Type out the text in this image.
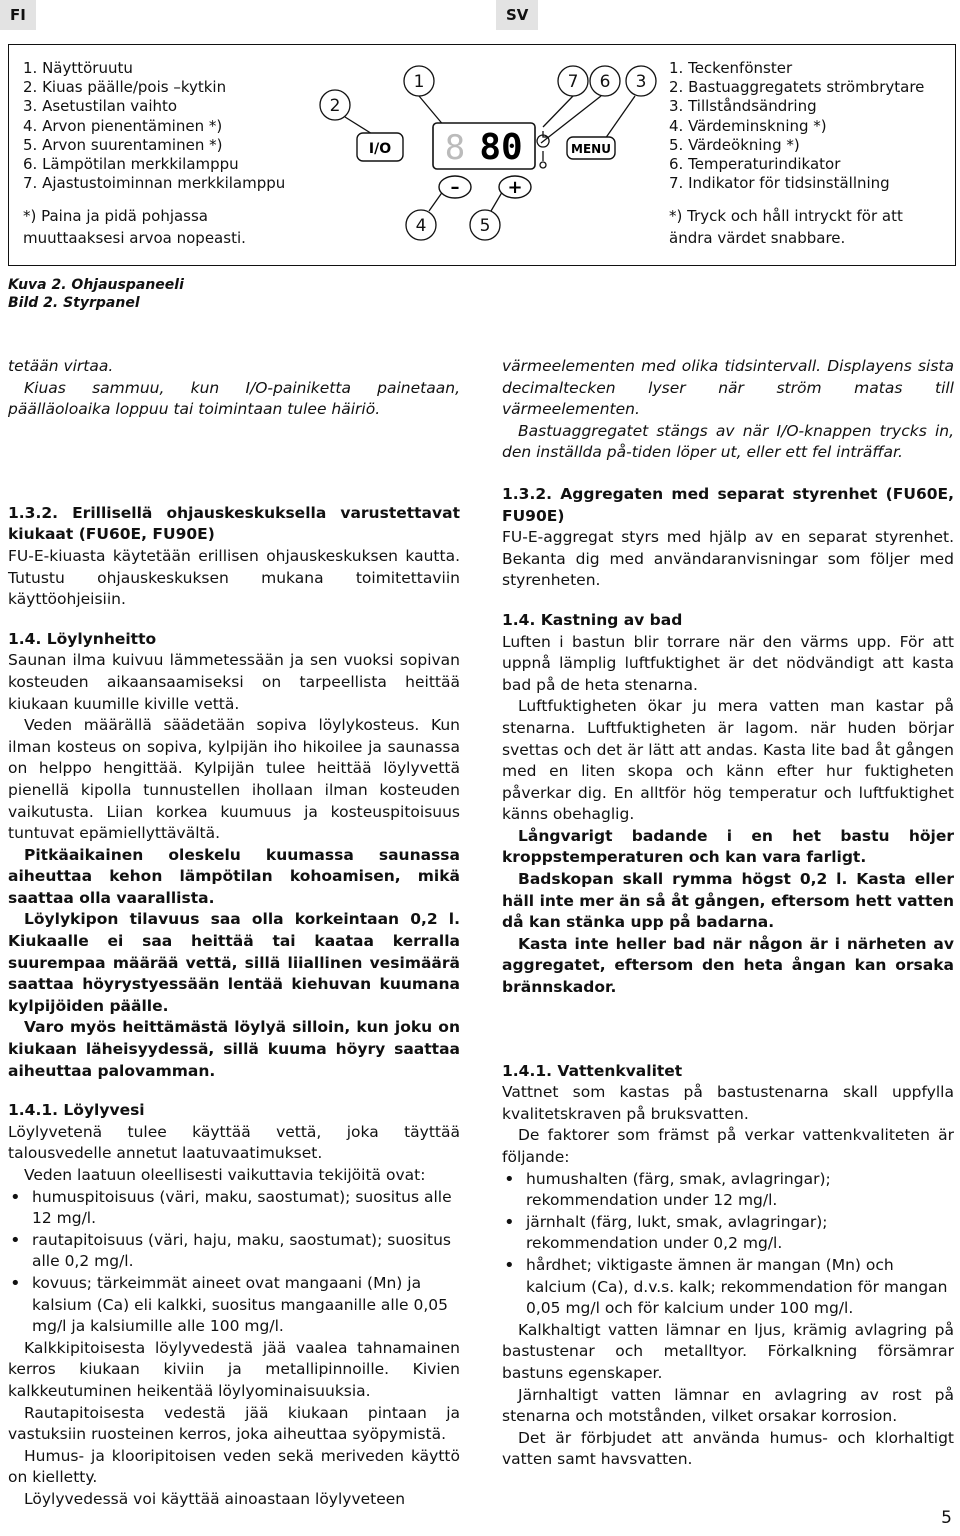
FI	SV
1. Näyttöruutu
2. Kiuas päälle/pois –kytkin
3. Asetustilan vaihto
4. Arvon pienentäminen *)
5. Arvon suurentaminen *)
6. Lämpötilan merkkilamppu
7. Ajastustoiminnan merkkilamppu
*) Paina ja pidä pohjassa muuttaaksesi arvoa nopeasti.
1. Teckenfönster
2. Bastuaggregatets strömbrytare
3. Tillståndsändring
4. Värdeminskning *)
5. Värdeökning *)
6. Temperaturindikator
7. Indikator för tidsinställning
*) Tryck och håll intryckt för att ändra värdet snabbare.
1
2
7 6 3
4	5
I/O 8 80
–	+
MENU
Kuva 2. Ohjauspaneeli
Bild 2. Styrpanel

tetään virtaa.

Kiuas sammuu, kun I/O-painiketta painetaan, päälläoloaika loppuu tai toimintaan tulee häiriö.

1.3.2. Erillisellä ohjauskeskuksella varustettavat kiukaat (FU60E, FU90E)

FU-E-kiuasta käytetään erillisen ohjauskeskuksen kautta. Tutustu ohjauskeskuksen mukana toimitettaviin käyttöohjeisiin.

1.4. Löylynheitto

Saunan ilma kuivuu lämmetessään ja sen vuoksi sopivan kosteuden aikaansaamiseksi on tarpeellista heittää kiukaan kuumille kiville vettä.

Veden määrällä säädetään sopiva löylykosteus. Kun ilman kosteus on sopiva, kylpijän iho hikoilee ja saunassa on helppo hengittää. Kylpijän tulee heittää löylyvettä pienellä kipolla tunnustellen ihollaan ilman kosteuden vaikutusta. Liian korkea kuumuus ja kosteuspitoisuus tuntuvat epämiellyttävältä.

Pitkäaikainen oleskelu kuumassa saunassa aiheuttaa kehon lämpötilan kohoamisen, mikä saattaa olla vaarallista.

Löylykipon tilavuus saa olla korkeintaan 0,2 l. Kiukaalle ei saa heittää tai kaataa kerralla suurempaa määrää vettä, sillä liiallinen vesimäärä saattaa höyrystyessään lentää kiehuvan kuumana kylpijöiden päälle.

Varo myös heittämästä löylyä silloin, kun joku on kiukaan läheisyydessä, sillä kuuma höyry saattaa aiheuttaa palovamman.

1.4.1. Löylyvesi

Löylyvetenä tulee käyttää vettä, joka täyttää talousvedelle annetut laatuvaatimukset.

Veden laatuun oleellisesti vaikuttavia tekijöitä ovat:

• humuspitoisuus (väri, maku, saostumat); suositus alle 12 mg/l.
• rautapitoisuus (väri, haju, maku, saostumat); suositus alle 0,2 mg/l.
• kovuus; tärkeimmät aineet ovat mangaani (Mn) ja kalsium (Ca) eli kalkki, suositus mangaanille alle 0,05 mg/l ja kalsiumille alle 100 mg/l.

Kalkkipitoisesta löylyvedestä jää vaalea tahnamainen kerros kiukaan kiviin ja metallipinnoille. Kivien kalkkeutuminen heikentää löylyominaisuuksia.

Rautapitoisesta vedestä jää kiukaan pintaan ja vastuksiin ruosteinen kerros, joka aiheuttaa syöpymistä.

Humus- ja klooripitoisen veden sekä meriveden käyttö on kielletty.

Löylyvedessä voi käyttää ainoastaan löylyveteen

värmeelementen med olika tidsintervall. Displayens sista decimaltecken lyser när ström matas till värmeelementen.

Bastuaggregatet stängs av när I/O-knappen trycks in, den inställda på-tiden löper ut, eller ett fel inträffar.

1.3.2. Aggregaten med separat styrenhet (FU60E, FU90E)

FU-E-aggregat styrs med hjälp av en separat styrenhet. Bekanta dig med användaranvisningar som följer med styrenheten.

1.4. Kastning av bad

Luften i bastun blir torrare när den värms upp. För att uppnå lämplig luftfuktighet är det nödvändigt att kasta bad på de heta stenarna.

Luftfuktigheten ökar ju mera vatten man kastar på stenarna. Luftfuktigheten är lagom. när huden börjar svettas och det är lätt att andas. Kasta lite bad åt gången med en liten skopa och känn efter hur fuktigheten påverkar dig. En alltför hög temperatur och luftfuktighet känns obehaglig.

Långvarigt badande i en het bastu höjer kroppstemperaturen och kan vara farligt.

Badskopan skall rymma högst 0,2 l. Kasta eller häll inte mer än så åt gången, eftersom hett vatten då kan stänka upp på badarna.

Kasta inte heller bad när någon är i närheten av aggregatet, eftersom den heta ångan kan orsaka brännskador.

1.4.1. Vattenkvalitet

Vattnet som kastas på bastustenarna skall uppfylla kvalitetskraven på bruksvatten.

De faktorer som främst på verkar vattenkvaliteten är följande:

• humushalten (färg, smak, avlagringar); rekommendation under 12 mg/l.
• järnhalt (färg, lukt, smak, avlagringar); rekommendation under 0,2 mg/l.
• hårdhet; viktigaste ämnen är mangan (Mn) och kalcium (Ca), d.v.s. kalk; rekommendation för mangan 0,05 mg/l och för kalcium under 100 mg/l.

Kalkhaltigt vatten lämnar en ljus, krämig avlagring på bastustenar och metalltyor. Förkalkning försämrar bastuns egenskaper.

Järnhaltigt vatten lämnar en avlagring av rost på stenarna och motstånden, vilket orsakar korrosion.

Det är förbjudet att använda humus- och klorhaltigt vatten samt havsvatten.

5
